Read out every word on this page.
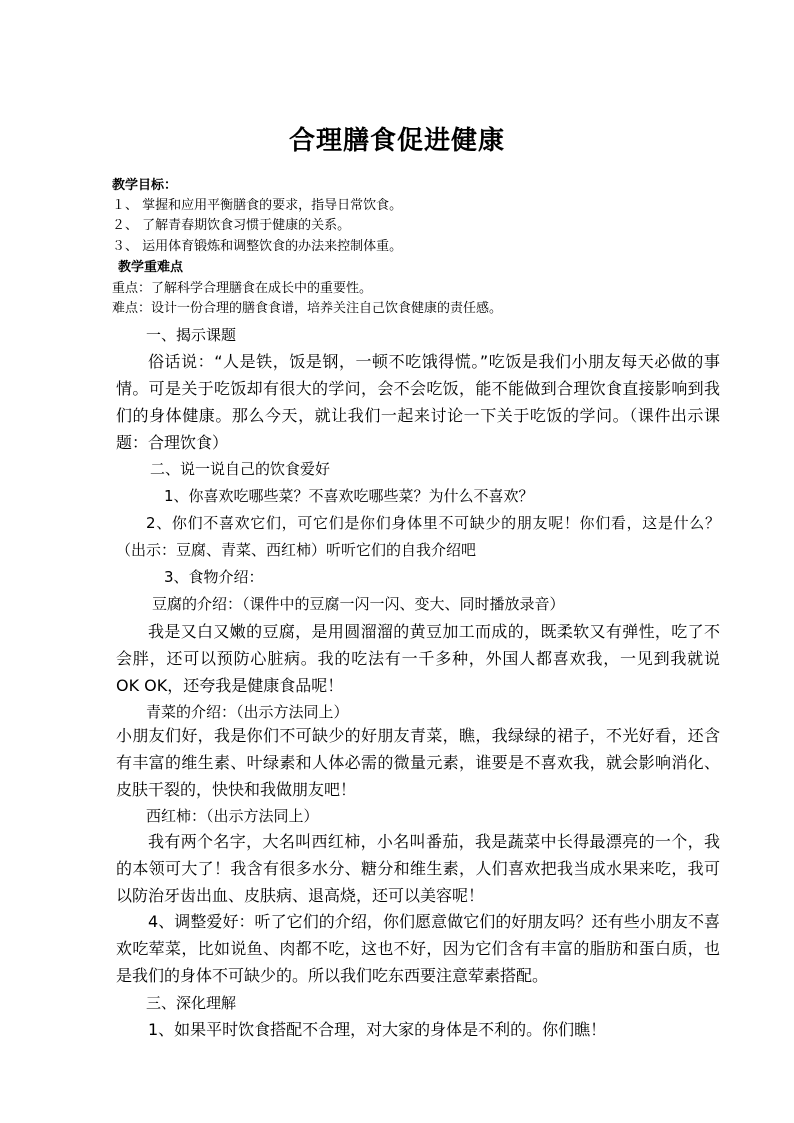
合理膳食促进健康
教学目标：
１、 掌握和应用平衡膳食的要求，指导日常饮食。
２、 了解青春期饮食习惯于健康的关系。
３、 运用体育锻炼和调整饮食的办法来控制体重。
教学重难点
重点：了解科学合理膳食在成长中的重要性。
难点：设计一份合理的膳食食谱，培养关注自己饮食健康的责任感。
一、揭示课题
俗话说：“人是铁，饭是钢，一顿不吃饿得慌。”吃饭是我们小朋友每天必做的事情。可是关于吃饭却有很大的学问，会不会吃饭，能不能做到合理饮食直接影响到我们的身体健康。那么今天，就让我们一起来讨论一下关于吃饭的学问。（课件出示课题：合理饮食）
二、说一说自己的饮食爱好
1、你喜欢吃哪些菜？不喜欢吃哪些菜？为什么不喜欢？
2、你们不喜欢它们，可它们是你们身体里不可缺少的朋友呢！你们看，这是什么？（出示：豆腐、青菜、西红柿）听听它们的自我介绍吧
3、食物介绍：
豆腐的介绍：（课件中的豆腐一闪一闪、变大、同时播放录音）
我是又白又嫩的豆腐，是用圆溜溜的黄豆加工而成的，既柔软又有弹性，吃了不会胖，还可以预防心脏病。我的吃法有一千多种，外国人都喜欢我，一见到我就说 OK OK，还夸我是健康食品呢！
青菜的介绍：（出示方法同上）
小朋友们好，我是你们不可缺少的好朋友青菜，瞧，我绿绿的裙子，不光好看，还含有丰富的维生素、叶绿素和人体必需的微量元素，谁要是不喜欢我，就会影响消化、皮肤干裂的，快快和我做朋友吧！
西红柿：（出示方法同上）
我有两个名字，大名叫西红柿，小名叫番茄，我是蔬菜中长得最漂亮的一个，我的本领可大了！我含有很多水分、糖分和维生素，人们喜欢把我当成水果来吃，我可以防治牙齿出血、皮肤病、退高烧，还可以美容呢！
4、调整爱好：听了它们的介绍，你们愿意做它们的好朋友吗？还有些小朋友不喜欢吃荤菜，比如说鱼、肉都不吃，这也不好，因为它们含有丰富的脂肪和蛋白质，也是我们的身体不可缺少的。所以我们吃东西要注意荤素搭配。
三、深化理解
1、如果平时饮食搭配不合理，对大家的身体是不利的。你们瞧！
